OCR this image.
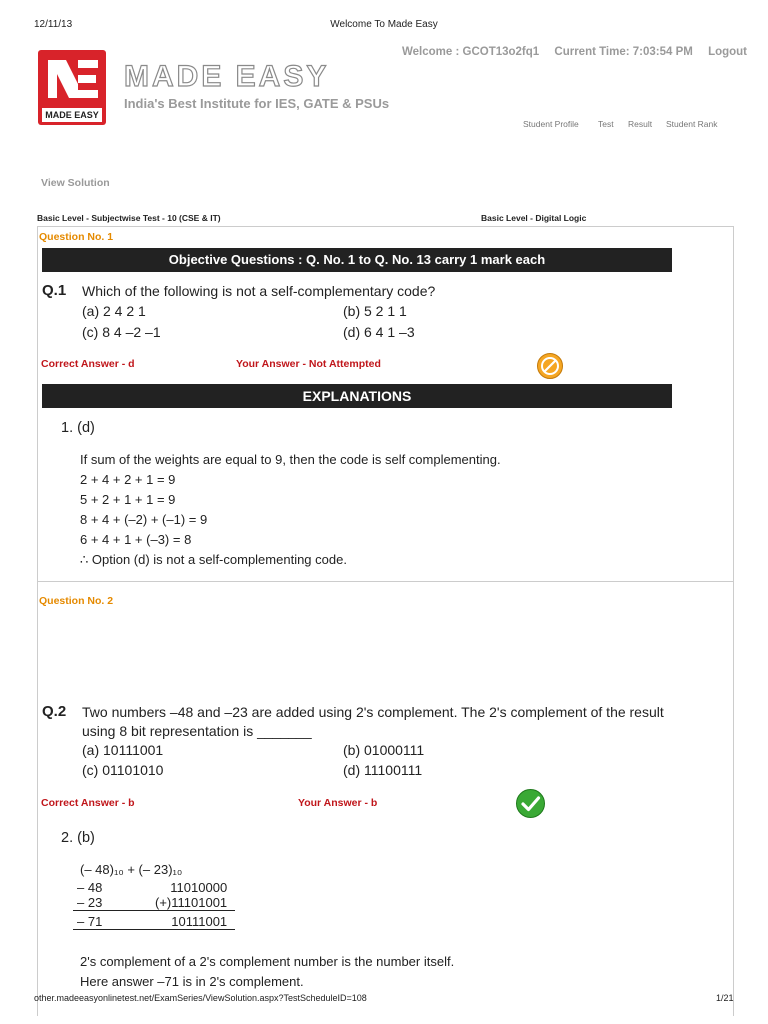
12/11/13	Welcome To Made Easy
MADE EASY
MADE EASY
India's Best Institute for IES, GATE & PSUs
Welcome : GCOT13o2fq1 Current Time: 7:03:54 PM Logout
Student Profile Test Result Student Rank
View Solution
Basic Level - Subjectwise Test - 10 (CSE & IT)	Basic Level - Digital Logic
Question No. 1
Objective Questions : Q. No. 1 to Q. No. 13 carry 1 mark each
Q.1 Which of the following is not a self-complementary code?
(a) 2 4 2 1	(b) 5 2 1 1
(c) 8 4 –2 –1	(d) 6 4 1 –3
Correct Answer - d	Your Answer - Not Attempted
EXPLANATIONS
1. (d)
If sum of the weights are equal to 9, then the code is self complementing.
2 + 4 + 2 + 1 = 9
5 + 2 + 1 + 1 = 9
8 + 4 + (–2) + (–1) = 9
6 + 4 + 1 + (–3) = 8
∴ Option (d) is not a self-complementing code.
Question No. 2
Q.2 Two numbers –48 and –23 are added using 2's complement. The 2's complement of the result
using 8 bit representation is _______
(a) 10111001	(b) 01000111
(c) 01101010	(d) 11100111
Correct Answer - b	Your Answer - b
2. (b)
(– 48)₁₀ + (– 23)₁₀
– 48	11010000
– 23	(+)11101001
– 71	10111001
2's complement of a 2's complement number is the number itself.
Here answer –71 is in 2's complement.
other.madeeasyonlinetest.net/ExamSeries/ViewSolution.aspx?TestScheduleID=108	1/21
